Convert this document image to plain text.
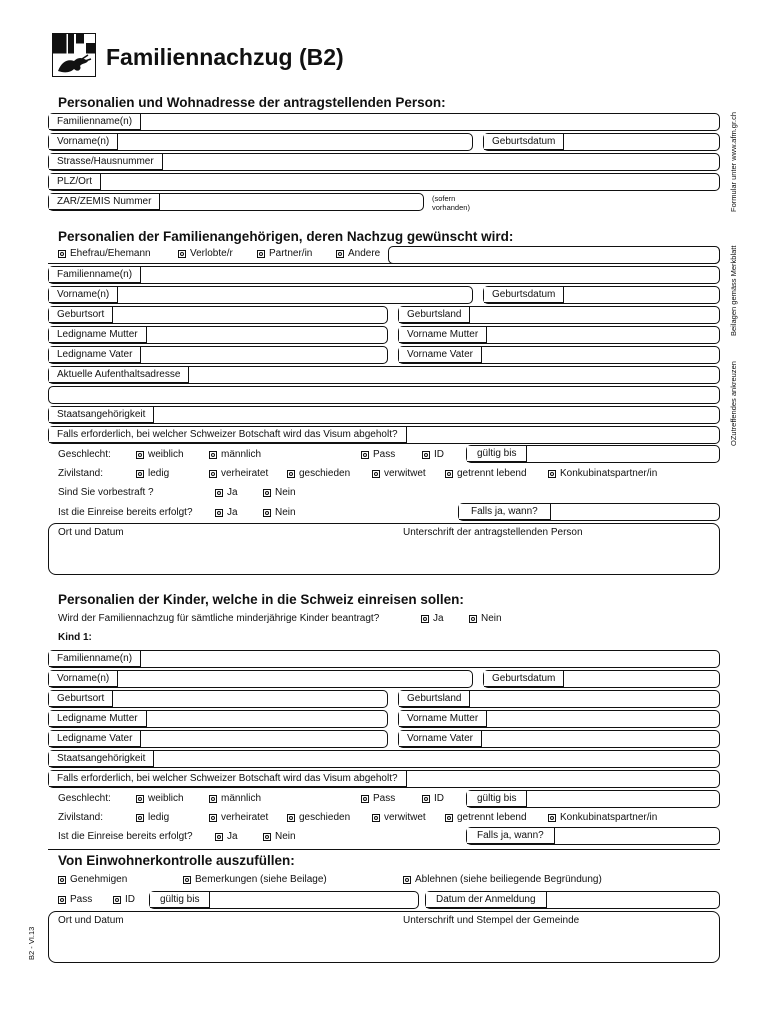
Familiennachzug (B2)
Formular unter www.afm.gr.ch
Beilagen gemäss Merkblatt
OZutreffendes ankreuzen
B2 - VI.13
Personalien und Wohnadresse der antragstellenden Person:
Familienname(n)
Vorname(n)	Geburtsdatum
Strasse/Hausnummer
PLZ/Ort
ZAR/ZEMIS Nummer	(sofern
vorhanden)
Personalien der Familienangehörigen, deren Nachzug gewünscht wird:
Ehefrau/Ehemann	Verlobte/r	Partner/in	Andere
Familienname(n)
Vorname(n)	Geburtsdatum
Geburtsort	Geburtsland
Ledigname Mutter	Vorname Mutter
Ledigname Vater	Vorname Vater
Aktuelle Aufenthaltsadresse
Staatsangehörigkeit
Falls erforderlich, bei welcher Schweizer Botschaft wird das Visum abgeholt?
Geschlecht:	weiblich	männlich	Pass	ID	gültig bis
Zivilstand:	ledig	verheiratet	geschieden	verwitwet	getrennt lebend	Konkubinatspartner/in
Sind Sie vorbestraft ?	Ja	Nein
Ist die Einreise bereits erfolgt?	Ja	Nein	Falls ja, wann?
Ort und Datum	Unterschrift der antragstellenden Person
Personalien der Kinder, welche in die Schweiz einreisen sollen:
Wird der Familiennachzug für sämtliche minderjährige Kinder beantragt?	Ja	Nein
Kind 1:
Familienname(n)
Vorname(n)	Geburtsdatum
Geburtsort	Geburtsland
Ledigname Mutter	Vorname Mutter
Ledigname Vater	Vorname Vater
Staatsangehörigkeit
Falls erforderlich, bei welcher Schweizer Botschaft wird das Visum abgeholt?
Geschlecht:	weiblich	männlich	Pass	ID	gültig bis
Zivilstand:	ledig	verheiratet	geschieden	verwitwet	getrennt lebend	Konkubinatspartner/in
Ist die Einreise bereits erfolgt?	Ja	Nein	Falls ja, wann?
Von Einwohnerkontrolle auszufüllen:
Genehmigen	Bemerkungen (siehe Beilage)	Ablehnen (siehe beiliegende Begründung)
Pass	ID	gültig bis	Datum der Anmeldung
Ort und Datum	Unterschrift und Stempel der Gemeinde
